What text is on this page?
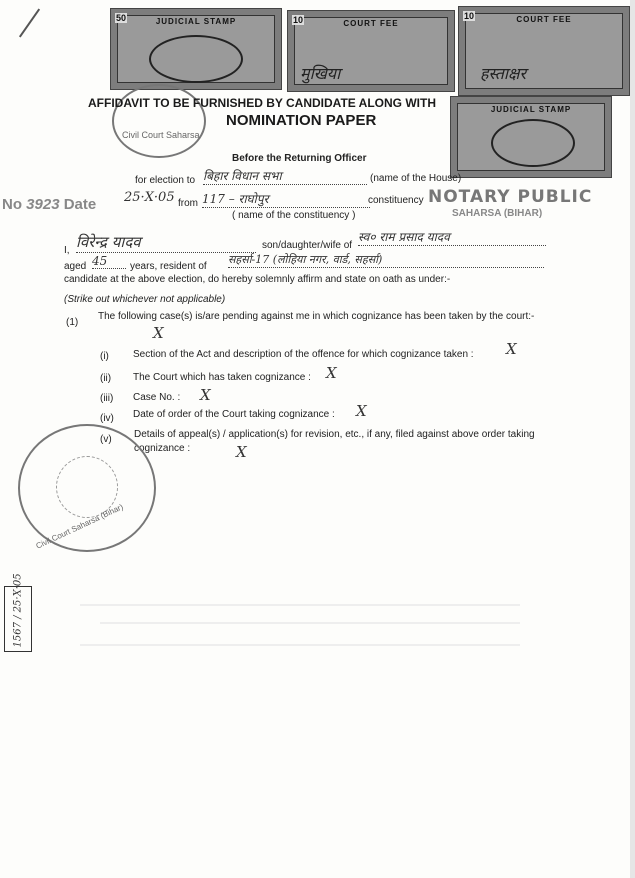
50	JUDICIAL STAMP	10	COURT FEE
10	COURT FEE
JUDICIAL STAMP
मुखिया	हस्ताक्षर
Civil Court Saharsa
AFFIDAVIT TO BE FURNISHED BY CANDIDATE ALONG WITH
NOMINATION PAPER
Before the Returning Officer
for election to बिहार विधान सभा	(name of the House)
from 117 – राघोपुर	constituency
( name of the constituency )
No 3923 Date 25·X·05	NOTARY PUBLIC
SAHARSA (BIHAR)
I, विरेन्द्र यादव	son/daughter/wife of
स्व० राम प्रसाद यादव
aged 45	years, resident of
सहर्सा-17 (लोहिया नगर, वार्ड, सहर्सा)
candidate at the above election, do hereby solemnly affirm and state on oath as under:-
(Strike out whichever not applicable)
(1)
The following case(s) is/are pending against me in which cognizance has been taken by the court:-
X
(i) Section of the Act and description of the offence for which cognizance taken : X
(ii) The Court which has taken cognizance : X
(iii) Case No. : X
(iv) Date of order of the Court taking cognizance : X
(v) Details of appeal(s) / application(s) for revision, etc., if any, filed against above order taking cognizance :	X
Civil Court Saharsa (Bihar)
1567 / 25·X·05
